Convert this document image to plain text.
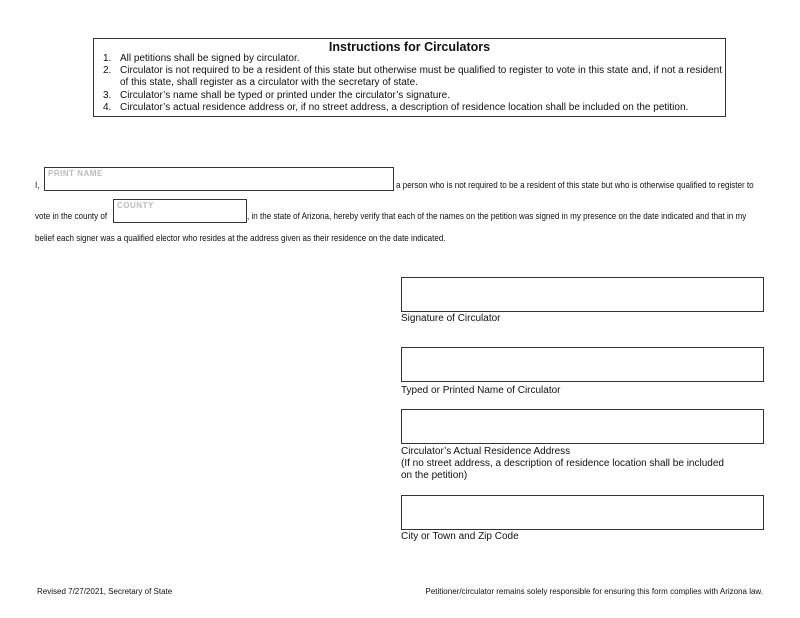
Instructions for Circulators
1. All petitions shall be signed by circulator.
2. Circulator is not required to be a resident of this state but otherwise must be qualified to register to vote in this state and, if not a resident
of this state, shall register as a circulator with the secretary of state.
3. Circulator’s name shall be typed or printed under the circulator’s signature.
4. Circulator’s actual residence address or, if no street address, a description of residence location shall be included on the petition.
I,
PRINT NAME
a person who is not required to be a resident of this state but who is otherwise qualified to register to
vote in the county of
COUNTY
, in the state of Arizona, hereby verify that each of the names on the petition was signed in my presence on the date indicated and that in my
belief each signer was a qualified elector who resides at the address given as their residence on the date indicated.
Signature of Circulator
Typed or Printed Name of Circulator
Circulator’s Actual Residence Address
(If no street address, a description of residence location shall be included
on the petition)
City or Town and Zip Code
Revised 7/27/2021, Secretary of State	Petitioner/circulator remains solely responsible for ensuring this form complies with Arizona law.
